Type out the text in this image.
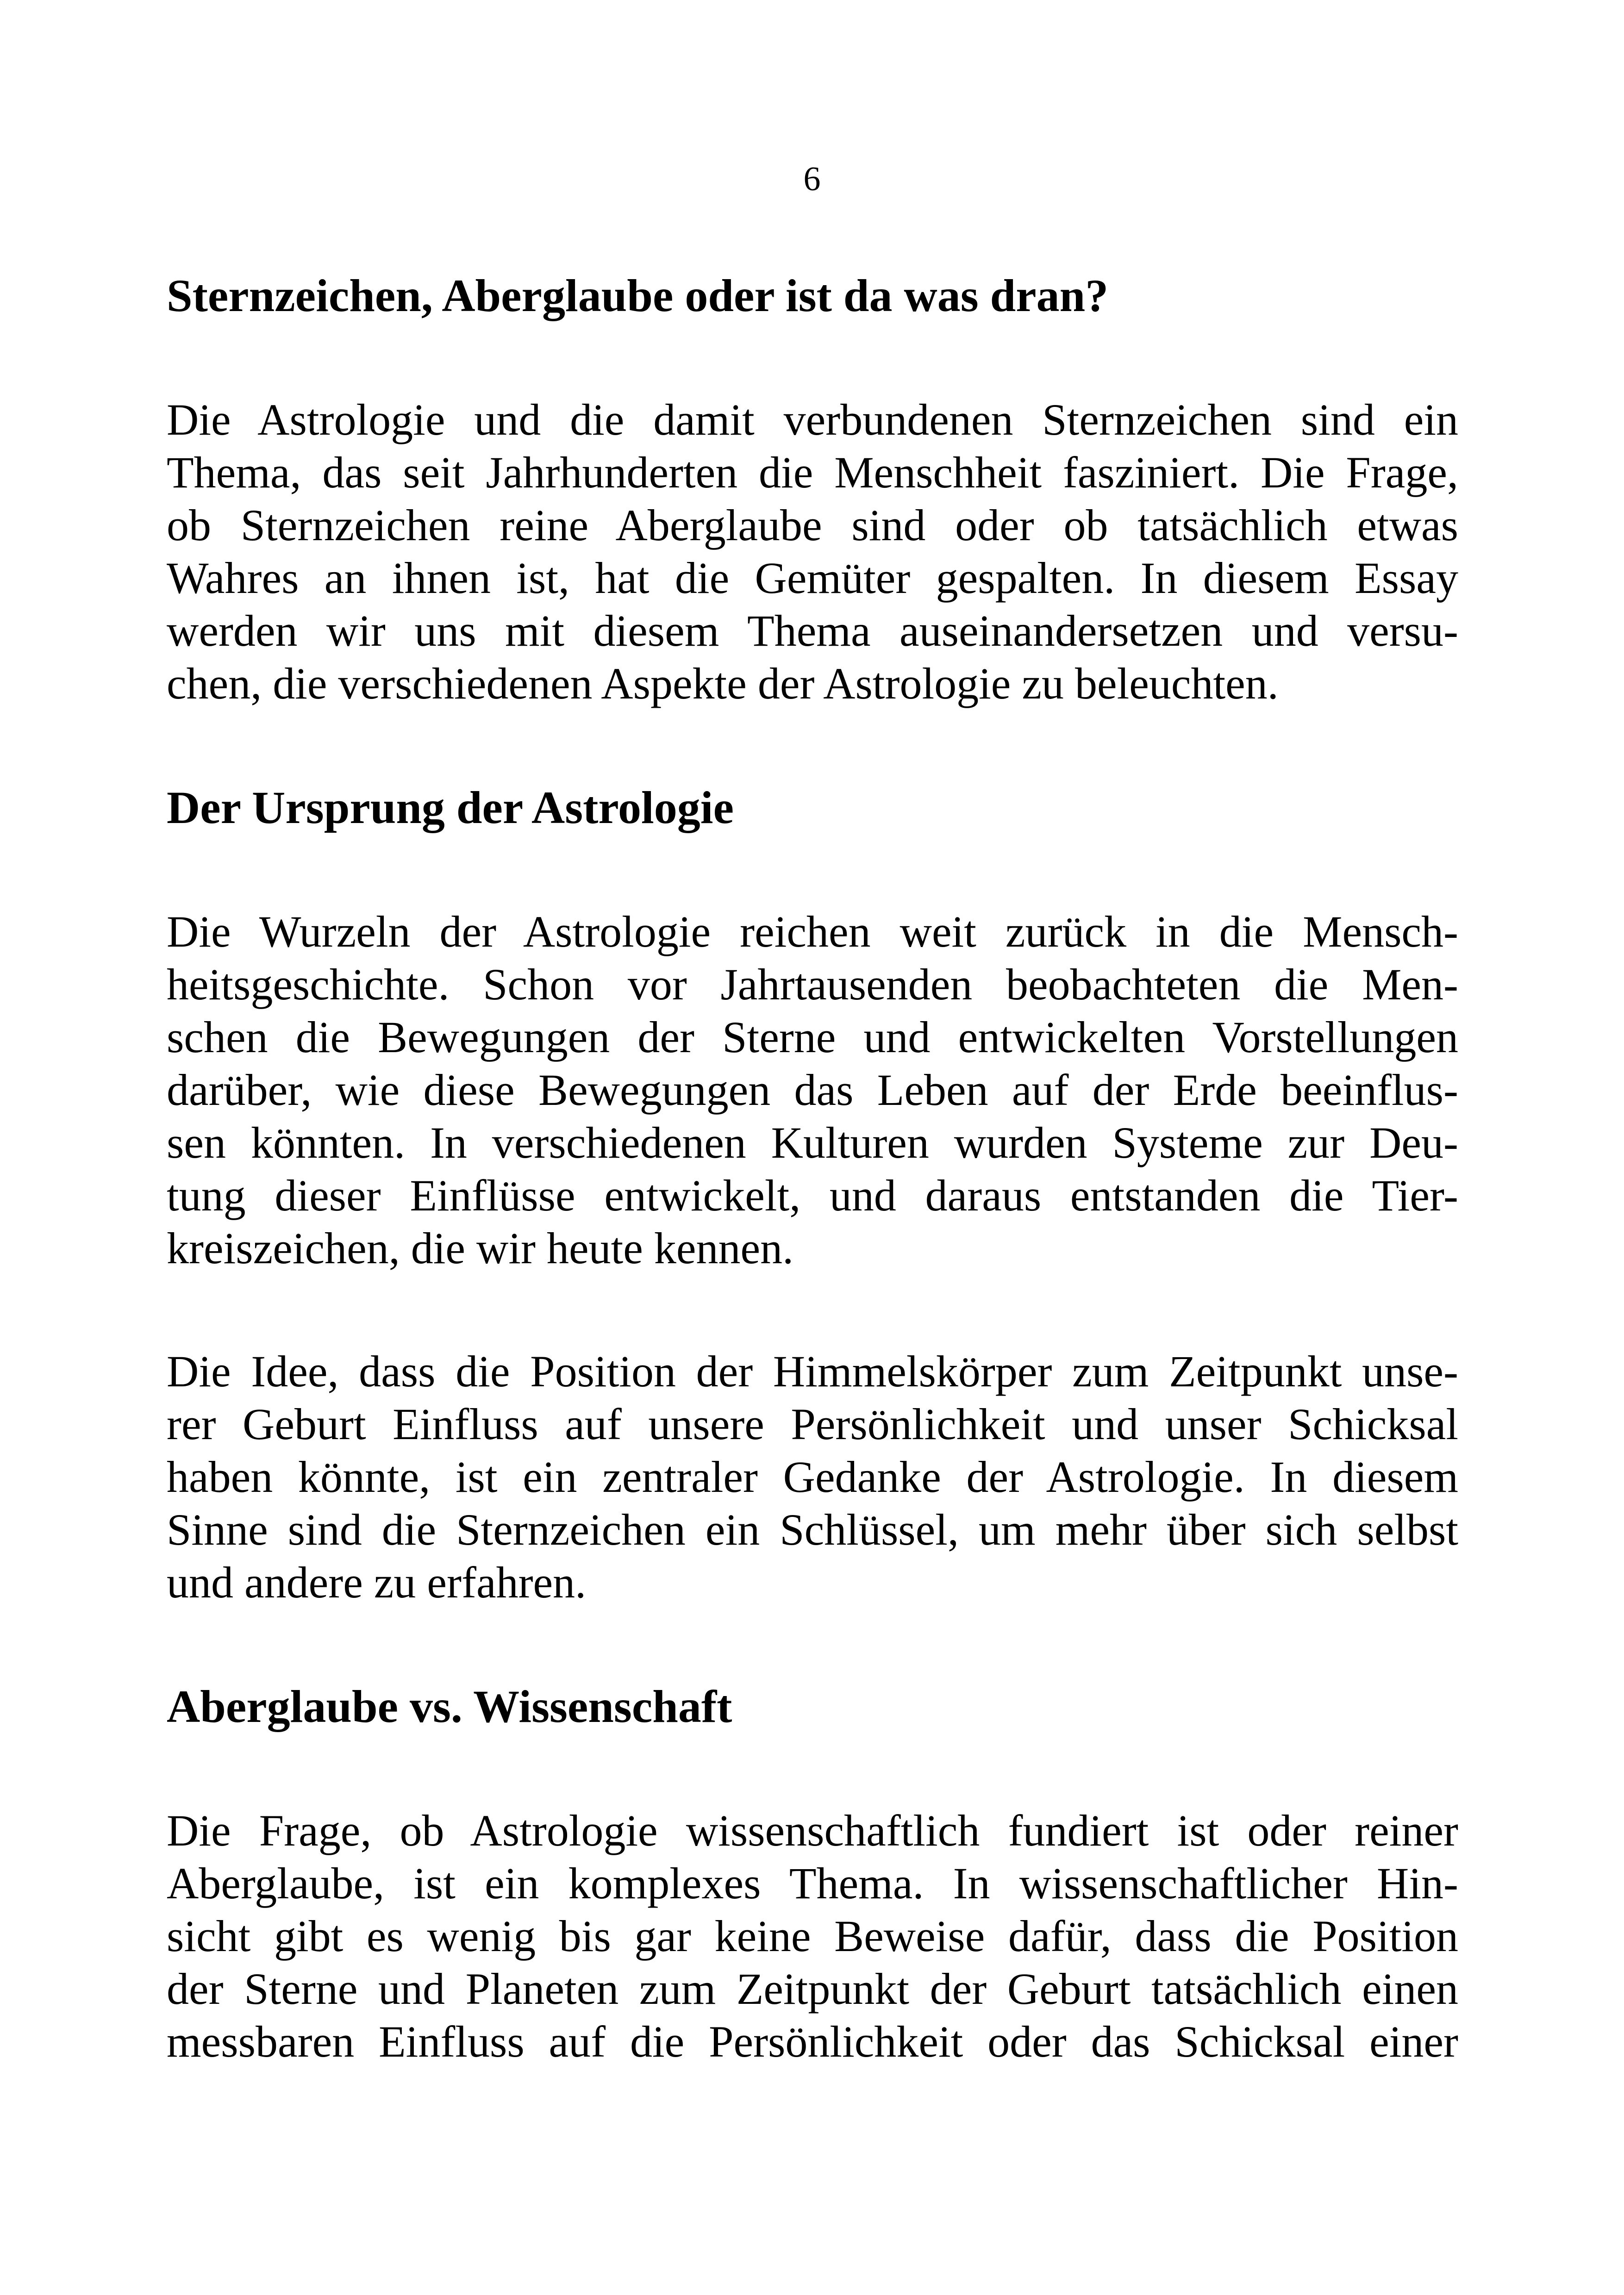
6
Sternzeichen, Aberglaube oder ist da was dran?
Die Astrologie und die damit verbundenen Sternzeichen sind ein
Thema, das seit Jahrhunderten die Menschheit fasziniert. Die Frage,
ob Sternzeichen reine Aberglaube sind oder ob tatsächlich etwas
Wahres an ihnen ist, hat die Gemüter gespalten. In diesem Essay
werden wir uns mit diesem Thema auseinandersetzen und versu-
chen, die verschiedenen Aspekte der Astrologie zu beleuchten.
Der Ursprung der Astrologie
Die Wurzeln der Astrologie reichen weit zurück in die Mensch-
heitsgeschichte. Schon vor Jahrtausenden beobachteten die Men-
schen die Bewegungen der Sterne und entwickelten Vorstellungen
darüber, wie diese Bewegungen das Leben auf der Erde beeinflus-
sen könnten. In verschiedenen Kulturen wurden Systeme zur Deu-
tung dieser Einflüsse entwickelt, und daraus entstanden die Tier-
kreiszeichen, die wir heute kennen.
Die Idee, dass die Position der Himmelskörper zum Zeitpunkt unse-
rer Geburt Einfluss auf unsere Persönlichkeit und unser Schicksal
haben könnte, ist ein zentraler Gedanke der Astrologie. In diesem
Sinne sind die Sternzeichen ein Schlüssel, um mehr über sich selbst
und andere zu erfahren.
Aberglaube vs. Wissenschaft
Die Frage, ob Astrologie wissenschaftlich fundiert ist oder reiner
Aberglaube, ist ein komplexes Thema. In wissenschaftlicher Hin-
sicht gibt es wenig bis gar keine Beweise dafür, dass die Position
der Sterne und Planeten zum Zeitpunkt der Geburt tatsächlich einen
messbaren Einfluss auf die Persönlichkeit oder das Schicksal einer
